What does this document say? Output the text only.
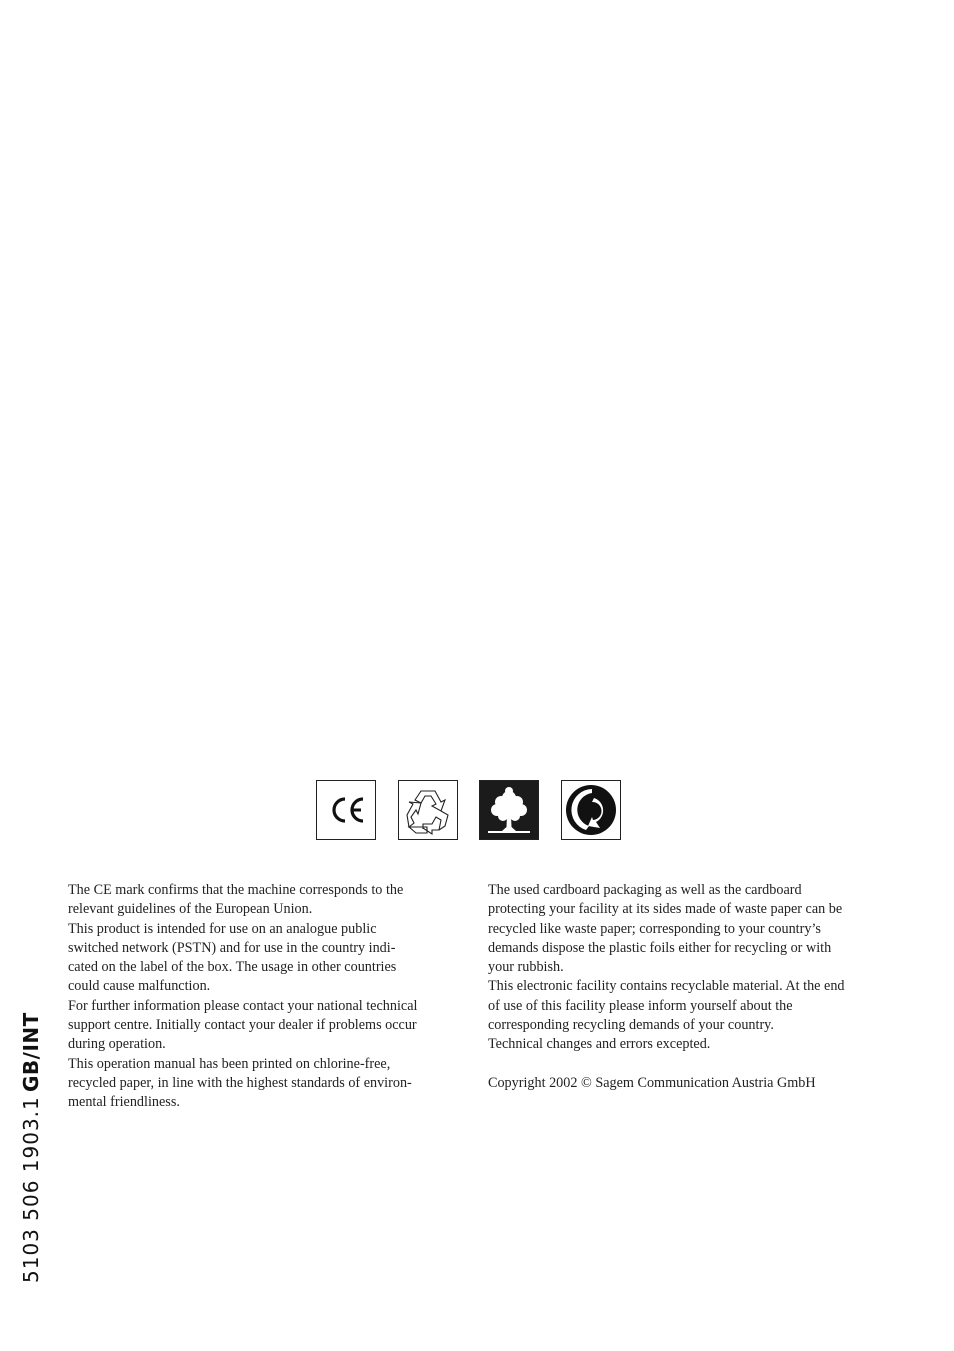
The CE mark confirms that the machine corresponds to the

relevant guidelines of the European Union.

This product is intended for use on an analogue public

switched network (PSTN) and for use in the country indi-

cated on the label of the box. The usage in other countries

could cause malfunction.

For further information please contact your national technical

support centre. Initially contact your dealer if problems occur

during operation.

This operation manual has been printed on chlorine-free,

recycled paper, in line with the highest standards of environ-

mental friendliness.

The used cardboard packaging as well as the cardboard

protecting your facility at its sides made of waste paper can be

recycled like waste paper; corresponding to your country’s

demands dispose the plastic foils either for recycling or with

your rubbish.

This electronic facility contains recyclable material. At the end

of use of this facility please inform yourself about the

corresponding recycling demands of your country.

Technical changes and errors excepted.

Copyright 2002 © Sagem Communication Austria GmbH

5103 506 1903.1
GB/INT
